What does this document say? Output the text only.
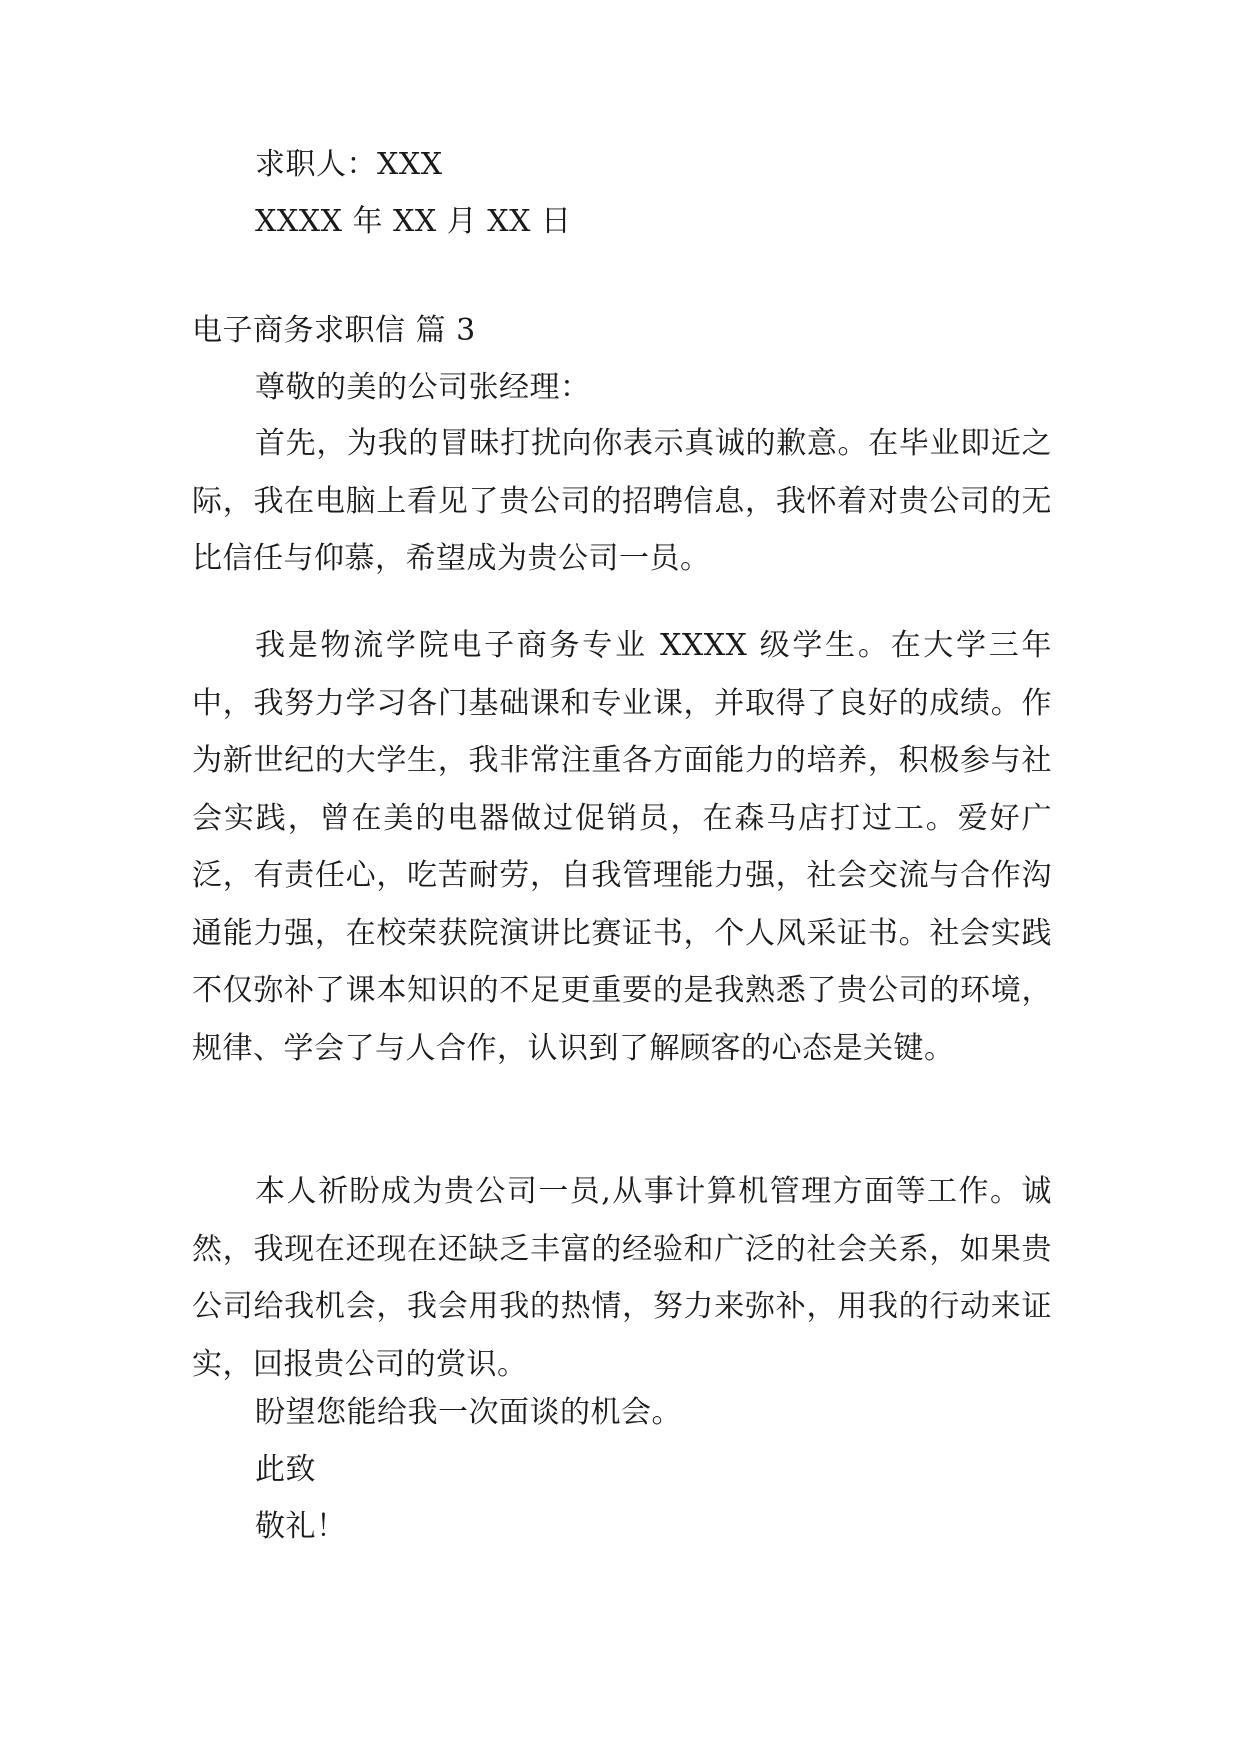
求职人：XXX
XXXX 年 XX 月 XX 日
电子商务求职信 篇 3
尊敬的美的公司张经理：
首先，为我的冒昧打扰向你表示真诚的歉意。在毕业即近之际，我在电脑上看见了贵公司的招聘信息，我怀着对贵公司的无比信任与仰慕，希望成为贵公司一员。
我是物流学院电子商务专业 XXXX 级学生。在大学三年中，我努力学习各门基础课和专业课，并取得了良好的成绩。作为新世纪的大学生，我非常注重各方面能力的培养，积极参与社会实践，曾在美的电器做过促销员，在森马店打过工。爱好广泛，有责任心，吃苦耐劳，自我管理能力强，社会交流与合作沟通能力强，在校荣获院演讲比赛证书，个人风采证书。社会实践不仅弥补了课本知识的不足更重要的是我熟悉了贵公司的环境，规律、学会了与人合作，认识到了解顾客的心态是关键。
本人祈盼成为贵公司一员,从事计算机管理方面等工作。诚然，我现在还现在还缺乏丰富的经验和广泛的社会关系，如果贵公司给我机会，我会用我的热情，努力来弥补，用我的行动来证实，回报贵公司的赏识。
盼望您能给我一次面谈的机会。
此致
敬礼！
